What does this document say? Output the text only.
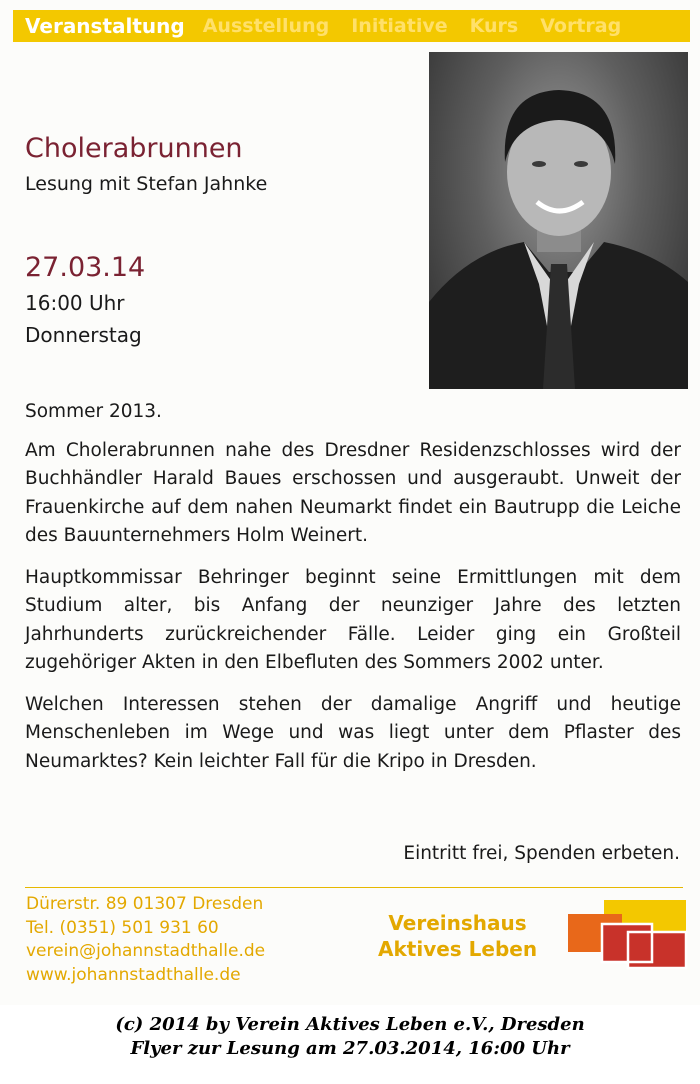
Veranstaltung Ausstellung Initiative Kurs Vortrag
Cholerabrunnen
Lesung mit Stefan Jahnke
27.03.14
16:00 Uhr
Donnerstag

Sommer 2013.

Am Cholerabrunnen nahe des Dresdner Residenzschlosses wird der Buchhändler Harald Baues erschossen und ausgeraubt. Unweit der Frauenkirche auf dem nahen Neumarkt findet ein Bautrupp die Leiche des Bauunternehmers Holm Weinert.

Hauptkommissar Behringer beginnt seine Ermittlungen mit dem Studium alter, bis Anfang der neunziger Jahre des letzten Jahrhunderts zurückreichender Fälle. Leider ging ein Großteil zugehöriger Akten in den Elbefluten des Sommers 2002 unter.

Welchen Interessen stehen der damalige Angriff und heutige Menschenleben im Wege und was liegt unter dem Pflaster des Neumarktes? Kein leichter Fall für die Kripo in Dresden.

Eintritt frei, Spenden erbeten.
Dürerstr. 89 01307 Dresden
Tel. (0351) 501 931 60
verein@johannstadthalle.de
www.johannstadthalle.de
Vereinshaus
Aktives Leben
(c) 2014 by Verein Aktives Leben e.V., Dresden
Flyer zur Lesung am 27.03.2014, 16:00 Uhr
